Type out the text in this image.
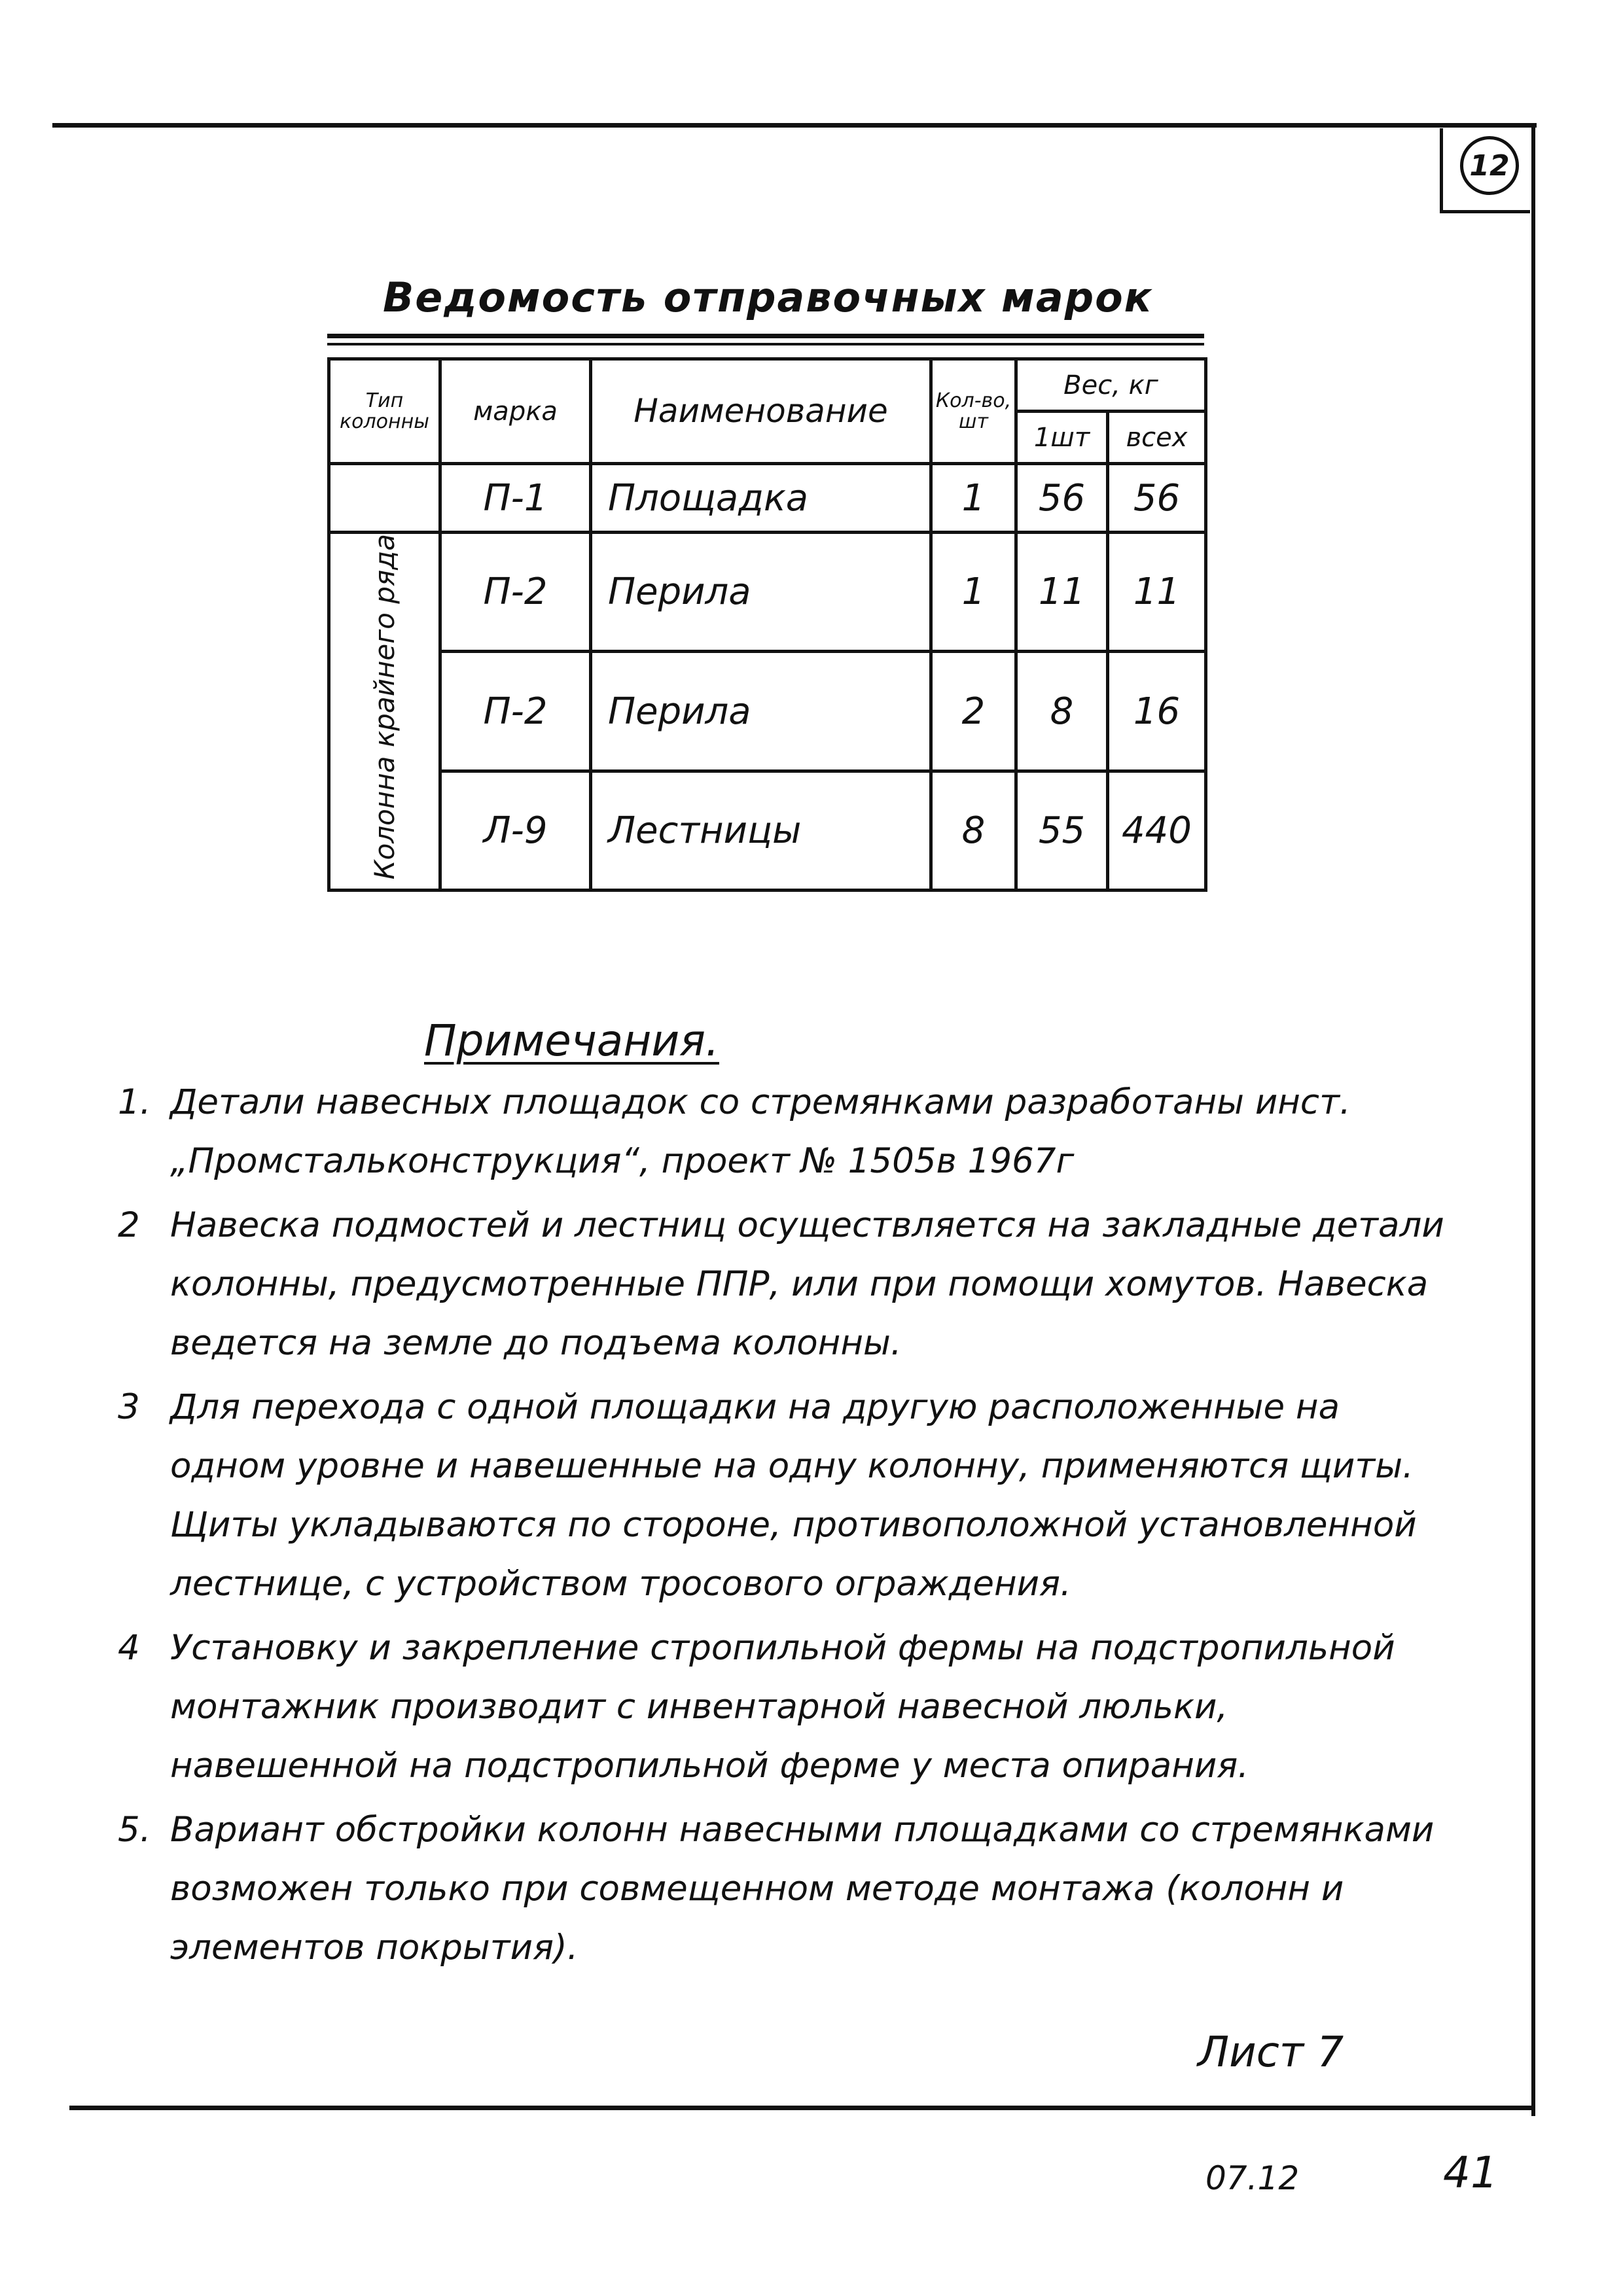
12
Ведомость отправочных марок
Тип колонны	марка	Наименование	Кол-во, шт	Вес, кг	
				1шт	всех
	П-1	Площадка	1	56	56
Колонна крайнего ряда	П-2	Перила	1	11	11
	П-2	Перила	2	8	16
	Л-9	Лестницы	8	55	440
Примечания.
1. Детали навесных площадок со стремянками разработаны инст. „Промстальконструкция“, проект № 1505в 1967г
2 Навеска подмостей и лестниц осуществляется на закладные детали колонны, предусмотренные ППР, или при помощи хомутов. Навеска ведется на земле до подъема колонны.
3 Для перехода с одной площадки на другую расположенные на одном уровне и навешенные на одну колонну, применяются щиты. Щиты укладываются по стороне, противоположной установленной лестнице, с устройством тросового ограждения.
4 Установку и закрепление стропильной фермы на подстропильной монтажник производит с инвентарной навесной люльки, навешенной на подстропильной ферме у места опирания.
5. Вариант обстройки колонн навесными площадками со стремянками возможен только при совмещенном методе монтажа (колонн и элементов покрытия).
Лист 7
07.12	41
